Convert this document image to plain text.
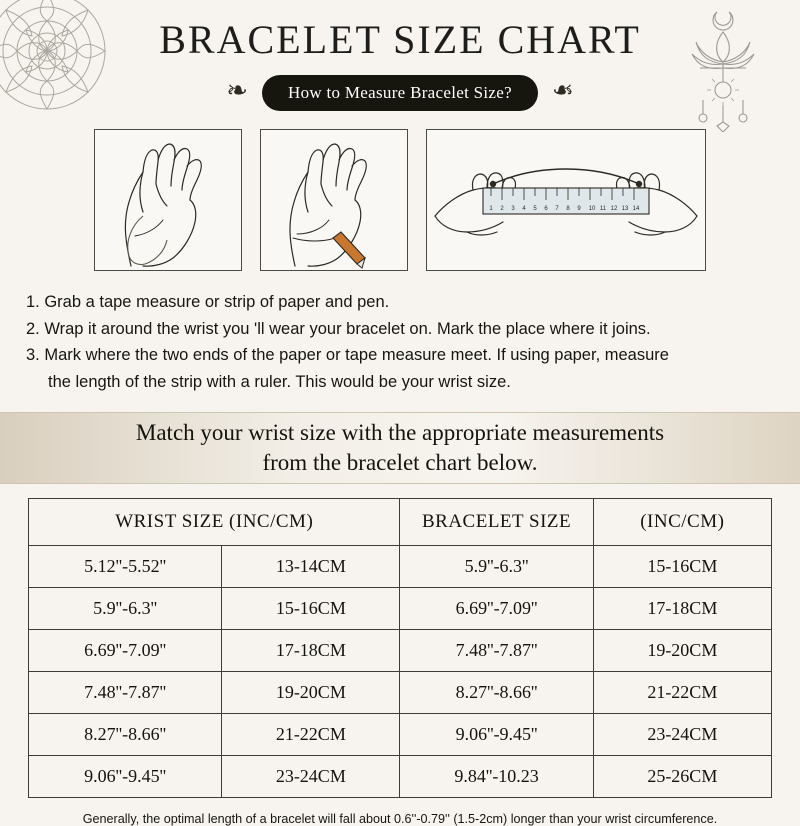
BRACELET SIZE CHART
❧	How to Measure Bracelet Size?	❧
1 2 3 4 5 6 7 8 9 10 11 12 13 14
1. Grab a tape measure or strip of paper and pen.
2. Wrap it around the wrist you 'll wear your bracelet on. Mark the place where it joins.
3. Mark where the two ends of the paper or tape measure meet. If using paper, measure
the length of the strip with a ruler. This would be your wrist size.
Match your wrist size with the appropriate measurements
from the bracelet chart below.
WRIST SIZE (INC/CM)		BRACELET SIZE	(INC/CM)
5.12''-5.52''	13-14CM	5.9''-6.3''	15-16CM
5.9''-6.3''	15-16CM	6.69''-7.09''	17-18CM
6.69''-7.09''	17-18CM	7.48''-7.87''	19-20CM
7.48''-7.87''	19-20CM	8.27''-8.66''	21-22CM
8.27''-8.66''	21-22CM	9.06''-9.45''	23-24CM
9.06''-9.45''	23-24CM	9.84''-10.23	25-26CM
Generally, the optimal length of a bracelet will fall about 0.6''-0.79'' (1.5-2cm) longer than your wrist circumference.
